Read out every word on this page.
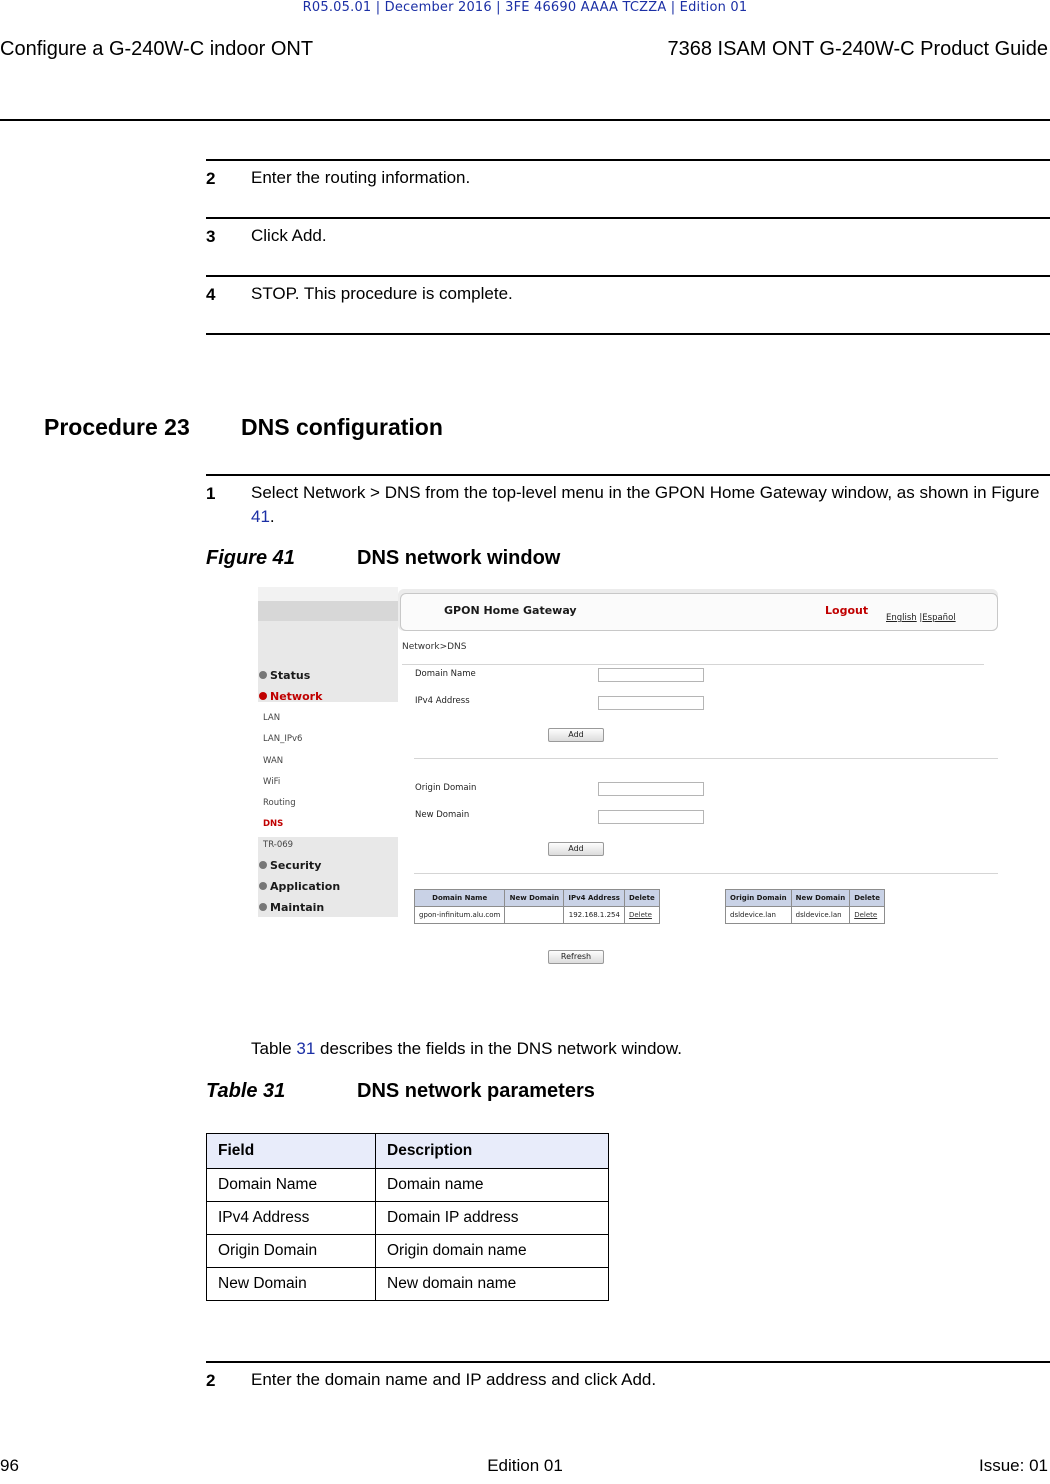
R05.05.01 | December 2016 | 3FE 46690 AAAA TCZZA | Edition 01
Configure a G-240W-C indoor ONT	7368 ISAM ONT G-240W-C Product Guide
2 Enter the routing information.
3 Click Add.
4 STOP. This procedure is complete.
Procedure 23 DNS configuration
1 Select Network > DNS from the top-level menu in the GPON Home Gateway window, as shown in Figure 41.
Figure 41	DNS network window
Status
Network
LAN
LAN_IPv6
WAN
WiFi
Routing
DNS
TR-069
Security
Application
Maintain
GPON Home Gateway	Logout
English |Español
Network>DNS
Domain Name
IPv4 Address
Add
Origin Domain
New Domain
Add
Domain Name	New Domain	IPv4 Address	Delete
gpon-infinitum.alu.com		192.168.1.254	Delete
Origin Domain	New Domain	Delete
dsldevice.lan	dsldevice.lan	Delete
Refresh
Table 31 describes the fields in the DNS network window.
Table 31	DNS network parameters
Field	Description
Domain Name	Domain name
IPv4 Address	Domain IP address
Origin Domain	Origin domain name
New Domain	New domain name
2 Enter the domain name and IP address and click Add.
96	Edition 01	Issue: 01
